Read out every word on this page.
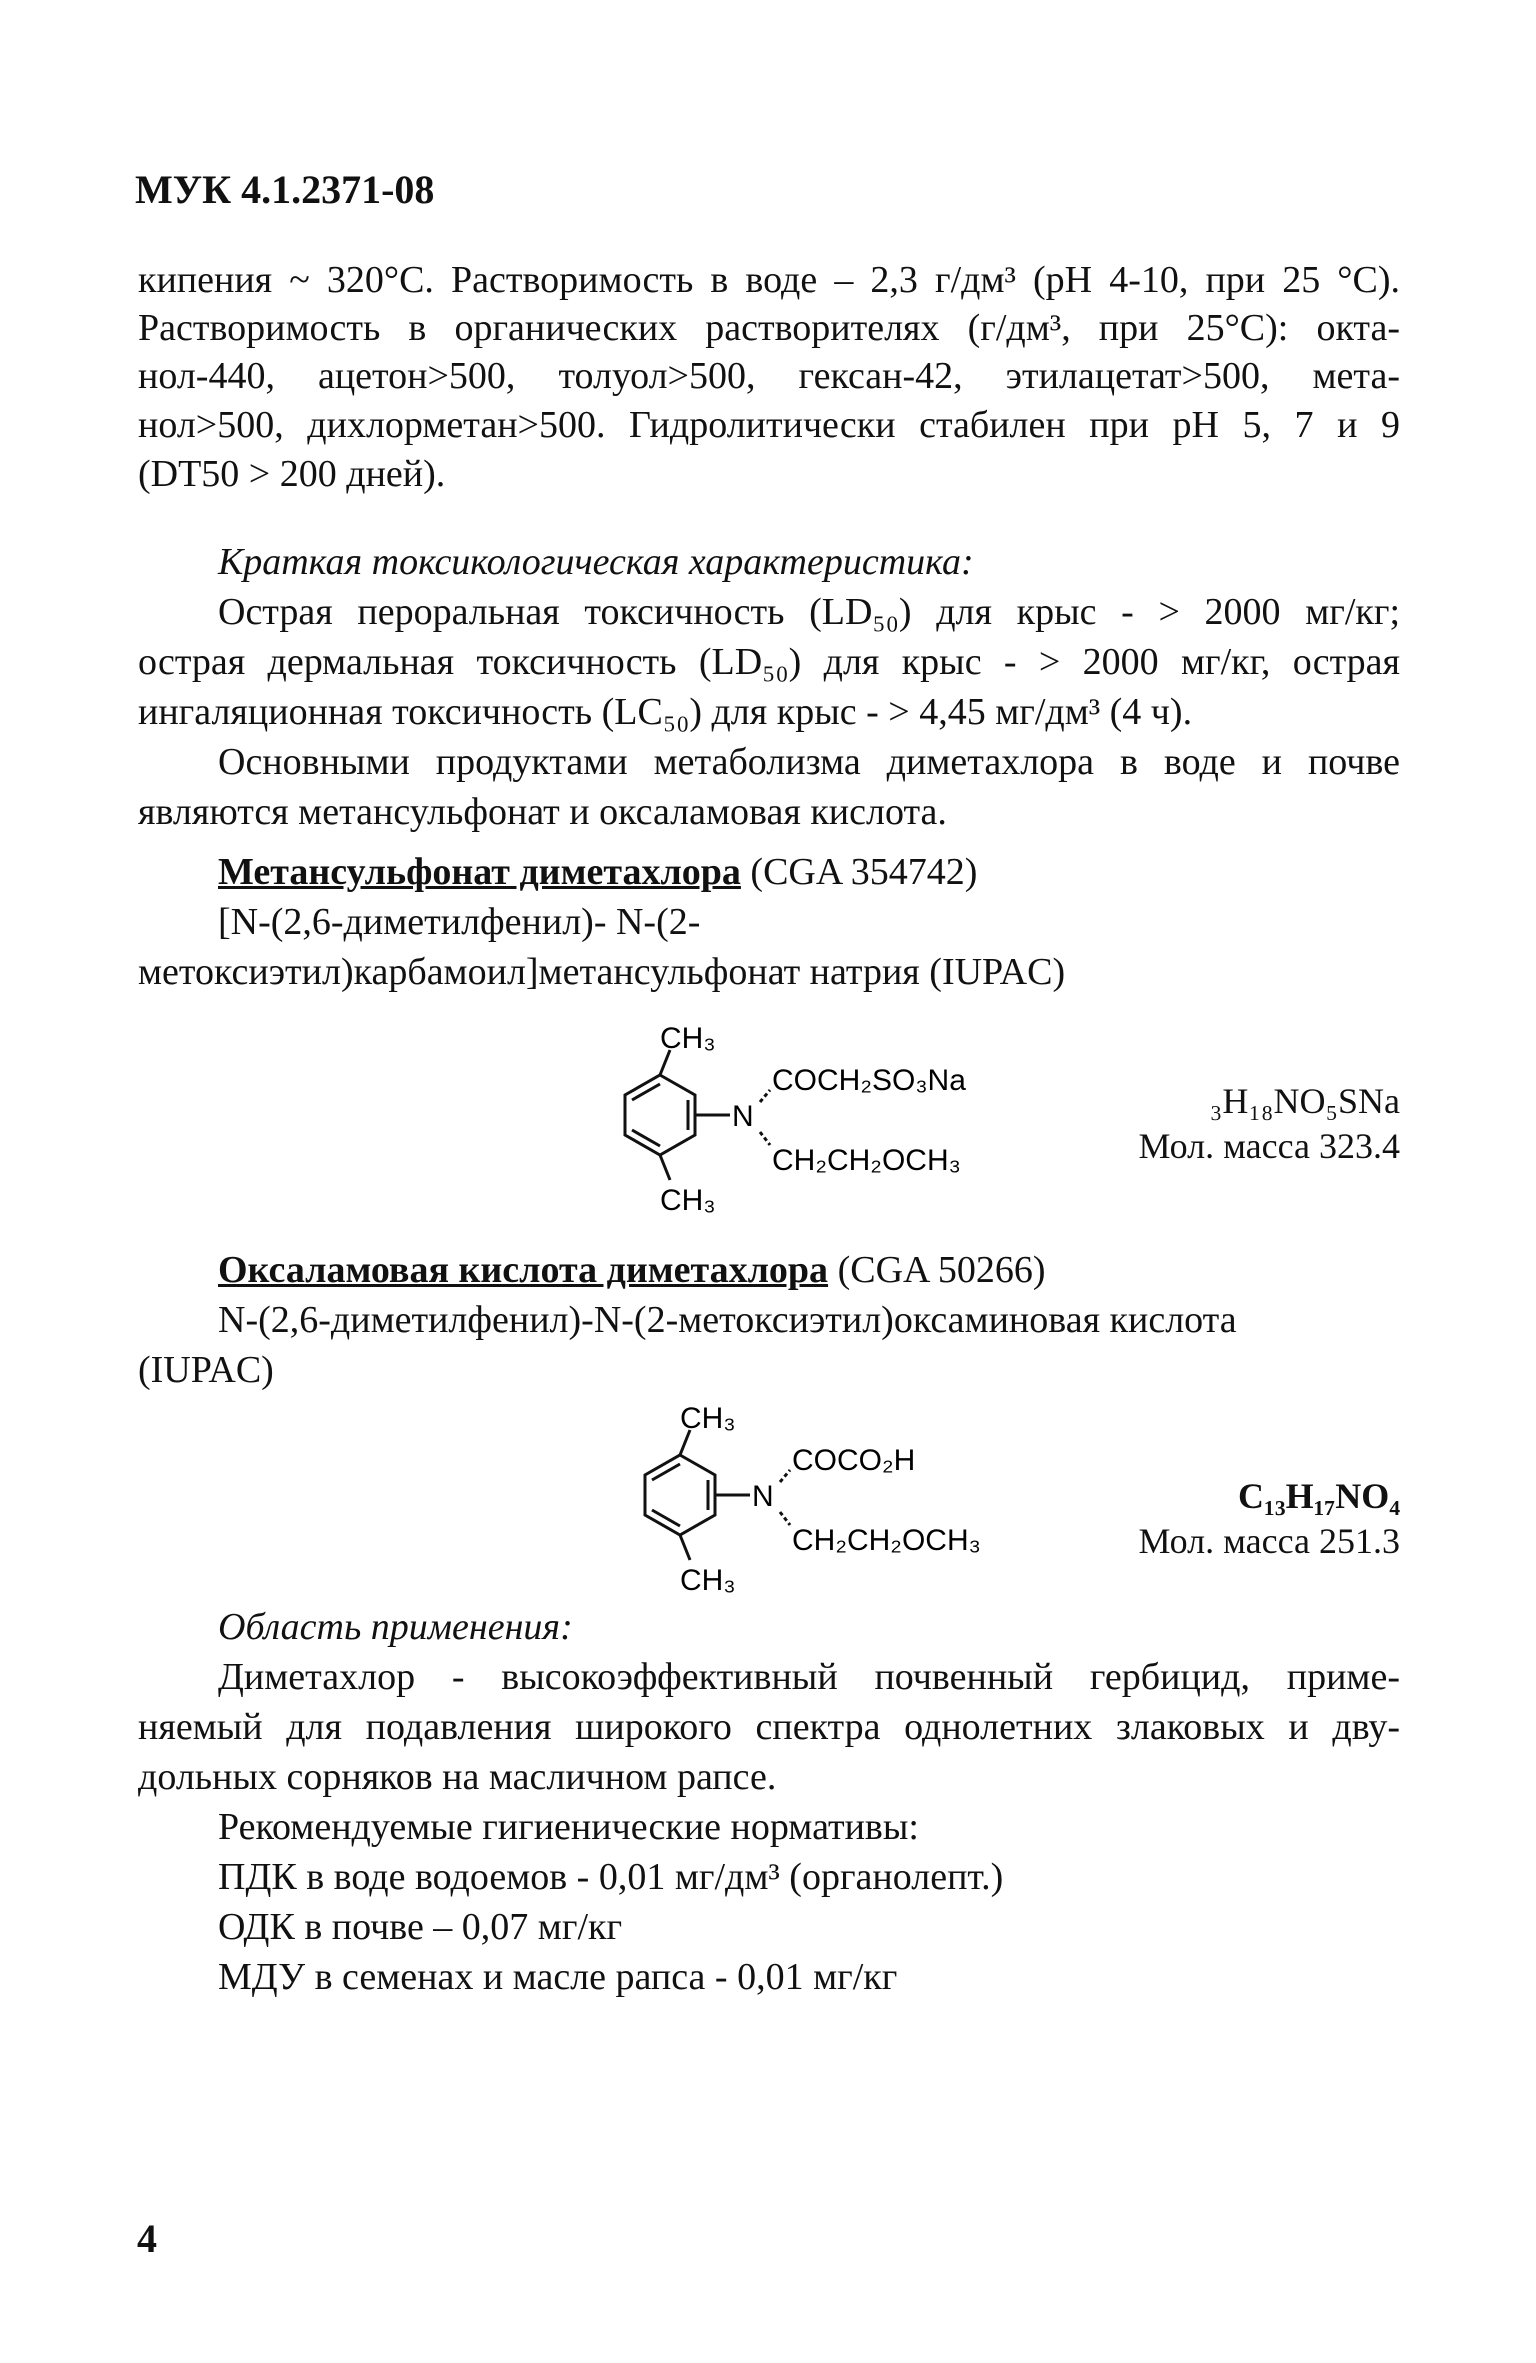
МУК 4.1.2371-08
кипения ~ 320°С. Растворимость в воде – 2,3 г/дм³ (рН 4-10, при 25 °С).
Растворимость в органических растворителях (г/дм³, при 25°С): окта-
нол-440, ацетон>500, толуол>500, гексан-42, этилацетат>500, мета-
нол>500, дихлорметан>500. Гидролитически стабилен при рН 5, 7 и 9
(DT50 > 200 дней).
Краткая токсикологическая характеристика:
Острая пероральная токсичность (LD₅₀) для крыс - > 2000 мг/кг;
острая дермальная токсичность (LD₅₀) для крыс - > 2000 мг/кг, острая
ингаляционная токсичность (LC₅₀) для крыс - > 4,45 мг/дм³ (4 ч).
Основными продуктами метаболизма диметахлора в воде и почве
являются метансульфонат и оксаламовая кислота.
Метансульфонат диметахлора (CGA 354742)
[N-(2,6-диметилфенил)- N-(2-
метоксиэтил)карбамоил]метансульфонат натрия (IUPAC)
CH₃
CH₃
N
COCH₂SO₃Na
CH₂CH₂OCH₃
₃H₁₈NO₅SNa
Мол. масса 323.4
Оксаламовая кислота диметахлора (CGA 50266)
N-(2,6-диметилфенил)-N-(2-метоксиэтил)оксаминовая кислота
(IUPAC)
CH₃
CH₃
N
COCO₂H
CH₂CH₂OCH₃
C₁₃H₁₇NO₄
Мол. масса 251.3
Область применения:
Диметахлор - высокоэффективный почвенный гербицид, приме-
няемый для подавления широкого спектра однолетних злаковых и дву-
дольных сорняков на масличном рапсе.
Рекомендуемые гигиенические нормативы:
ПДК в воде водоемов - 0,01 мг/дм³ (органолепт.)
ОДК в почве – 0,07 мг/кг
МДУ в семенах и масле рапса - 0,01 мг/кг
4
